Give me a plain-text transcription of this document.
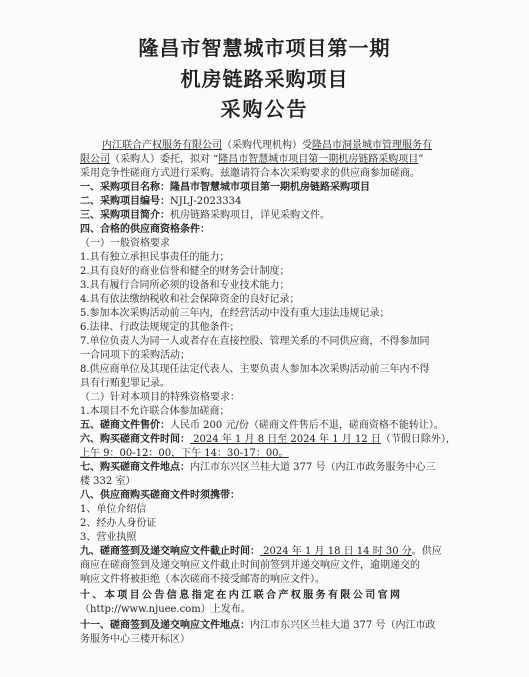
隆昌市智慧城市项目第一期
机房链路采购项目
采购公告
内江联合产权服务有限公司（采购代理机构）受隆昌市洞景城市管理服务有
限公司（采购人）委托，拟对 “隆昌市智慧城市项目第一期机房链路采购项目”
采用竞争性磋商方式进行采购。兹邀请符合本次采购要求的供应商参加磋商。
一、采购项目名称：隆昌市智慧城市项目第一期机房链路采购项目
二、采购项目编号：NJLJ-2023334
三、采购项目简介：机房链路采购项目，详见采购文件。
四、合格的供应商资格条件：
（一）一般资格要求
1.具有独立承担民事责任的能力；
2.具有良好的商业信誉和健全的财务会计制度；
3.具有履行合同所必须的设备和专业技术能力；
4.具有依法缴纳税收和社会保障资金的良好记录；
5.参加本次采购活动前三年内，在经营活动中没有重大违法违规记录；
6.法律、行政法规规定的其他条件；
7.单位负责人为同一人或者存在直接控股、管理关系的不同供应商，不得参加同
一合同项下的采购活动；
8.供应商单位及其现任法定代表人、主要负责人参加本次采购活动前三年内不得
具有行贿犯罪记录。
（二）针对本项目的特殊资格要求：
1.本项目不允许联合体参加磋商；
五、磋商文件售价：人民币 200 元/份（磋商文件售后不退，磋商资格不能转让）。
六、购买磋商文件时间： 2024 年 1 月 8 日至 2024 年 1 月 12 日（节假日除外），
上午 9：00-12：00，下午 14：30-17：00。
七、购买磋商文件地点：内江市东兴区兰桂大道 377 号（内江市政务服务中心三
楼 332 室）
八、供应商购买磋商文件时须携带：
1、单位介绍信
2、经办人身份证
3、营业执照
九、磋商签到及递交响应文件截止时间： 2024 年 1 月 18 日 14 时 30 分。供应
商应在磋商签到及递交响应文件截止时间前签到并递交响应文件，逾期递交的
响应文件将被拒绝（本次磋商不接受邮寄的响应文件）。
十、本项目公告信息指定在内江联合产权服务有限公司官网
（http://www.njuee.com）上发布。
十一、磋商签到及递交响应文件地点：内江市东兴区兰桂大道 377 号（内江市政
务服务中心三楼开标区）
